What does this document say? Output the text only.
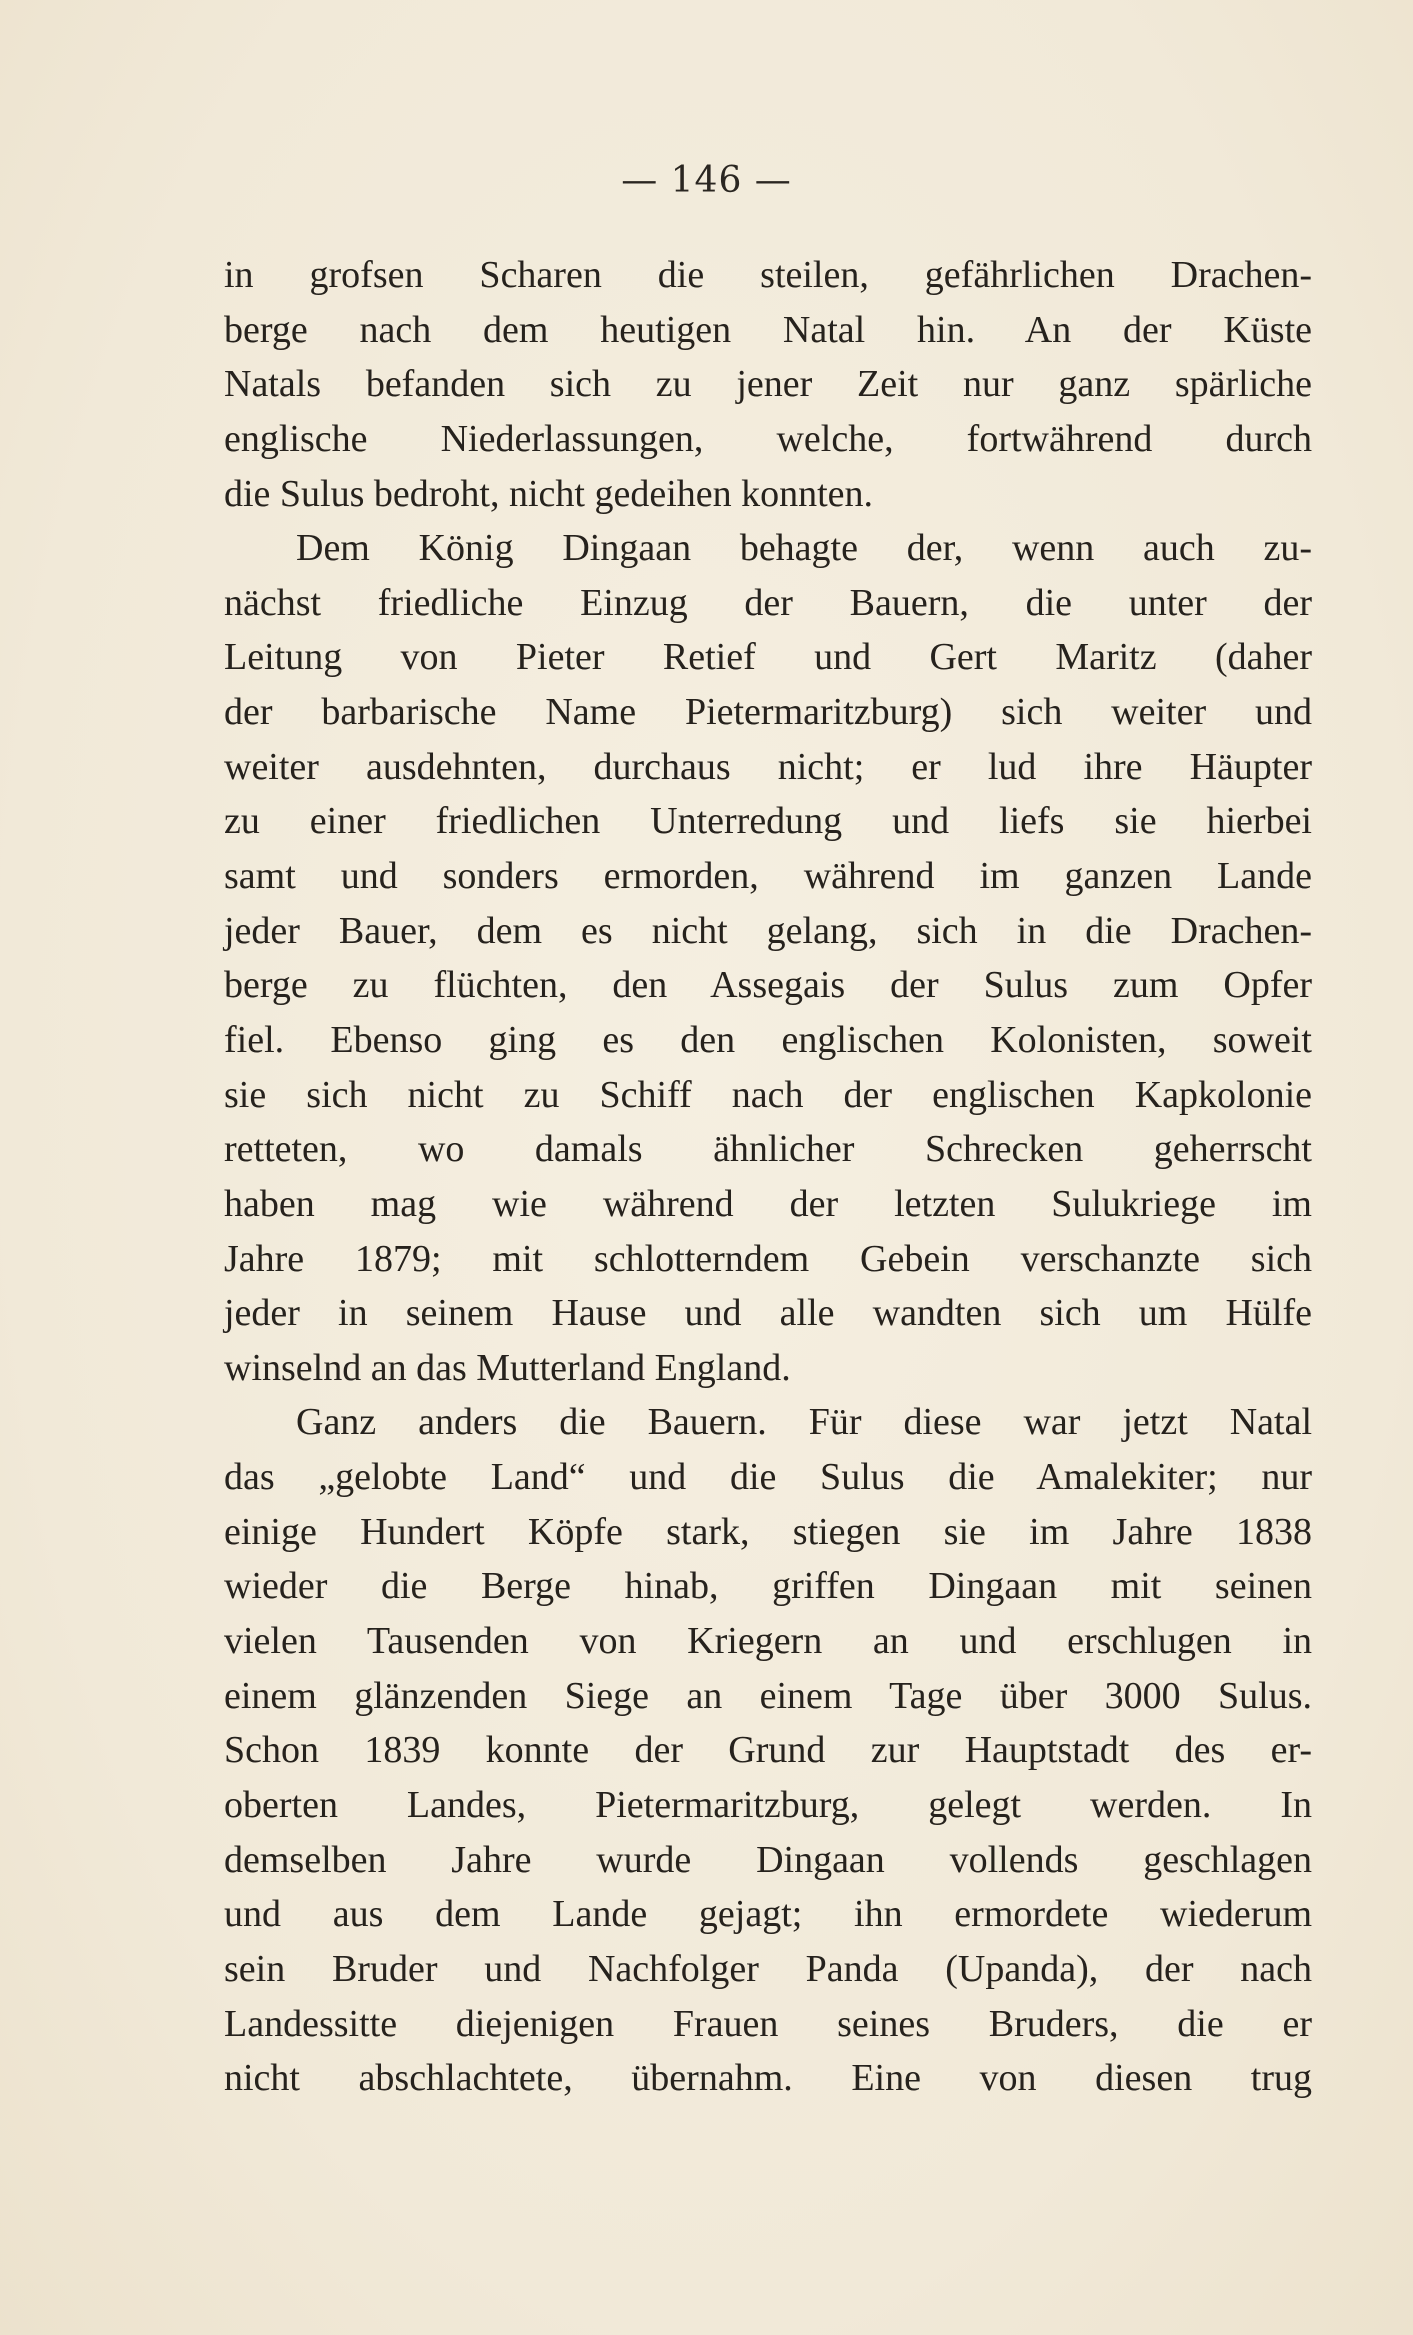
— 146 —
in grofsen Scharen die steilen, gefährlichen Drachen-
berge nach dem heutigen Natal hin. An der Küste
Natals befanden sich zu jener Zeit nur ganz spärliche
englische Niederlassungen, welche, fortwährend durch
die Sulus bedroht, nicht gedeihen konnten.
Dem König Dingaan behagte der, wenn auch zu-
nächst friedliche Einzug der Bauern, die unter der
Leitung von Pieter Retief und Gert Maritz (daher
der barbarische Name Pietermaritzburg) sich weiter und
weiter ausdehnten, durchaus nicht; er lud ihre Häupter
zu einer friedlichen Unterredung und liefs sie hierbei
samt und sonders ermorden, während im ganzen Lande
jeder Bauer, dem es nicht gelang, sich in die Drachen-
berge zu flüchten, den Assegais der Sulus zum Opfer
fiel. Ebenso ging es den englischen Kolonisten, soweit
sie sich nicht zu Schiff nach der englischen Kapkolonie
retteten, wo damals ähnlicher Schrecken geherrscht
haben mag wie während der letzten Sulukriege im
Jahre 1879; mit schlotterndem Gebein verschanzte sich
jeder in seinem Hause und alle wandten sich um Hülfe
winselnd an das Mutterland England.
Ganz anders die Bauern. Für diese war jetzt Natal
das „gelobte Land“ und die Sulus die Amalekiter; nur
einige Hundert Köpfe stark, stiegen sie im Jahre 1838
wieder die Berge hinab, griffen Dingaan mit seinen
vielen Tausenden von Kriegern an und erschlugen in
einem glänzenden Siege an einem Tage über 3000 Sulus.
Schon 1839 konnte der Grund zur Hauptstadt des er-
oberten Landes, Pietermaritzburg, gelegt werden. In
demselben Jahre wurde Dingaan vollends geschlagen
und aus dem Lande gejagt; ihn ermordete wiederum
sein Bruder und Nachfolger Panda (Upanda), der nach
Landessitte diejenigen Frauen seines Bruders, die er
nicht abschlachtete, übernahm. Eine von diesen trug
